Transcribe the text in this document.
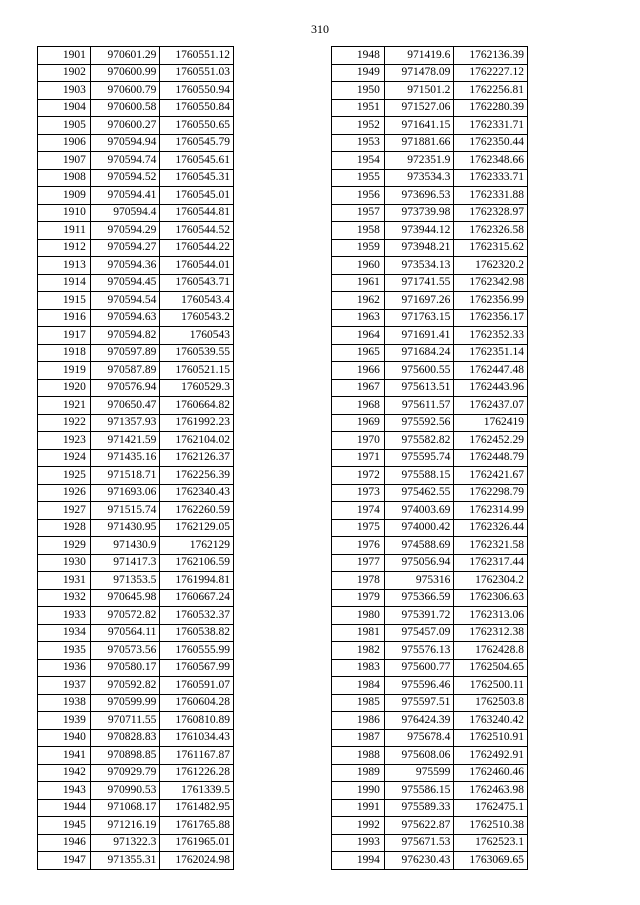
310
1901	970601.29	1760551.12
1902	970600.99	1760551.03
1903	970600.79	1760550.94
1904	970600.58	1760550.84
1905	970600.27	1760550.65
1906	970594.94	1760545.79
1907	970594.74	1760545.61
1908	970594.52	1760545.31
1909	970594.41	1760545.01
1910	970594.4	1760544.81
1911	970594.29	1760544.52
1912	970594.27	1760544.22
1913	970594.36	1760544.01
1914	970594.45	1760543.71
1915	970594.54	1760543.4
1916	970594.63	1760543.2
1917	970594.82	1760543
1918	970597.89	1760539.55
1919	970587.89	1760521.15
1920	970576.94	1760529.3
1921	970650.47	1760664.82
1922	971357.93	1761992.23
1923	971421.59	1762104.02
1924	971435.16	1762126.37
1925	971518.71	1762256.39
1926	971693.06	1762340.43
1927	971515.74	1762260.59
1928	971430.95	1762129.05
1929	971430.9	1762129
1930	971417.3	1762106.59
1931	971353.5	1761994.81
1932	970645.98	1760667.24
1933	970572.82	1760532.37
1934	970564.11	1760538.82
1935	970573.56	1760555.99
1936	970580.17	1760567.99
1937	970592.82	1760591.07
1938	970599.99	1760604.28
1939	970711.55	1760810.89
1940	970828.83	1761034.43
1941	970898.85	1761167.87
1942	970929.79	1761226.28
1943	970990.53	1761339.5
1944	971068.17	1761482.95
1945	971216.19	1761765.88
1946	971322.3	1761965.01
1947	971355.31	1762024.98
1948	971419.6	1762136.39
1949	971478.09	1762227.12
1950	971501.2	1762256.81
1951	971527.06	1762280.39
1952	971641.15	1762331.71
1953	971881.66	1762350.44
1954	972351.9	1762348.66
1955	973534.3	1762333.71
1956	973696.53	1762331.88
1957	973739.98	1762328.97
1958	973944.12	1762326.58
1959	973948.21	1762315.62
1960	973534.13	1762320.2
1961	971741.55	1762342.98
1962	971697.26	1762356.99
1963	971763.15	1762356.17
1964	971691.41	1762352.33
1965	971684.24	1762351.14
1966	975600.55	1762447.48
1967	975613.51	1762443.96
1968	975611.57	1762437.07
1969	975592.56	1762419
1970	975582.82	1762452.29
1971	975595.74	1762448.79
1972	975588.15	1762421.67
1973	975462.55	1762298.79
1974	974003.69	1762314.99
1975	974000.42	1762326.44
1976	974588.69	1762321.58
1977	975056.94	1762317.44
1978	975316	1762304.2
1979	975366.59	1762306.63
1980	975391.72	1762313.06
1981	975457.09	1762312.38
1982	975576.13	1762428.8
1983	975600.77	1762504.65
1984	975596.46	1762500.11
1985	975597.51	1762503.8
1986	976424.39	1763240.42
1987	975678.4	1762510.91
1988	975608.06	1762492.91
1989	975599	1762460.46
1990	975586.15	1762463.98
1991	975589.33	1762475.1
1992	975622.87	1762510.38
1993	975671.53	1762523.1
1994	976230.43	1763069.65
